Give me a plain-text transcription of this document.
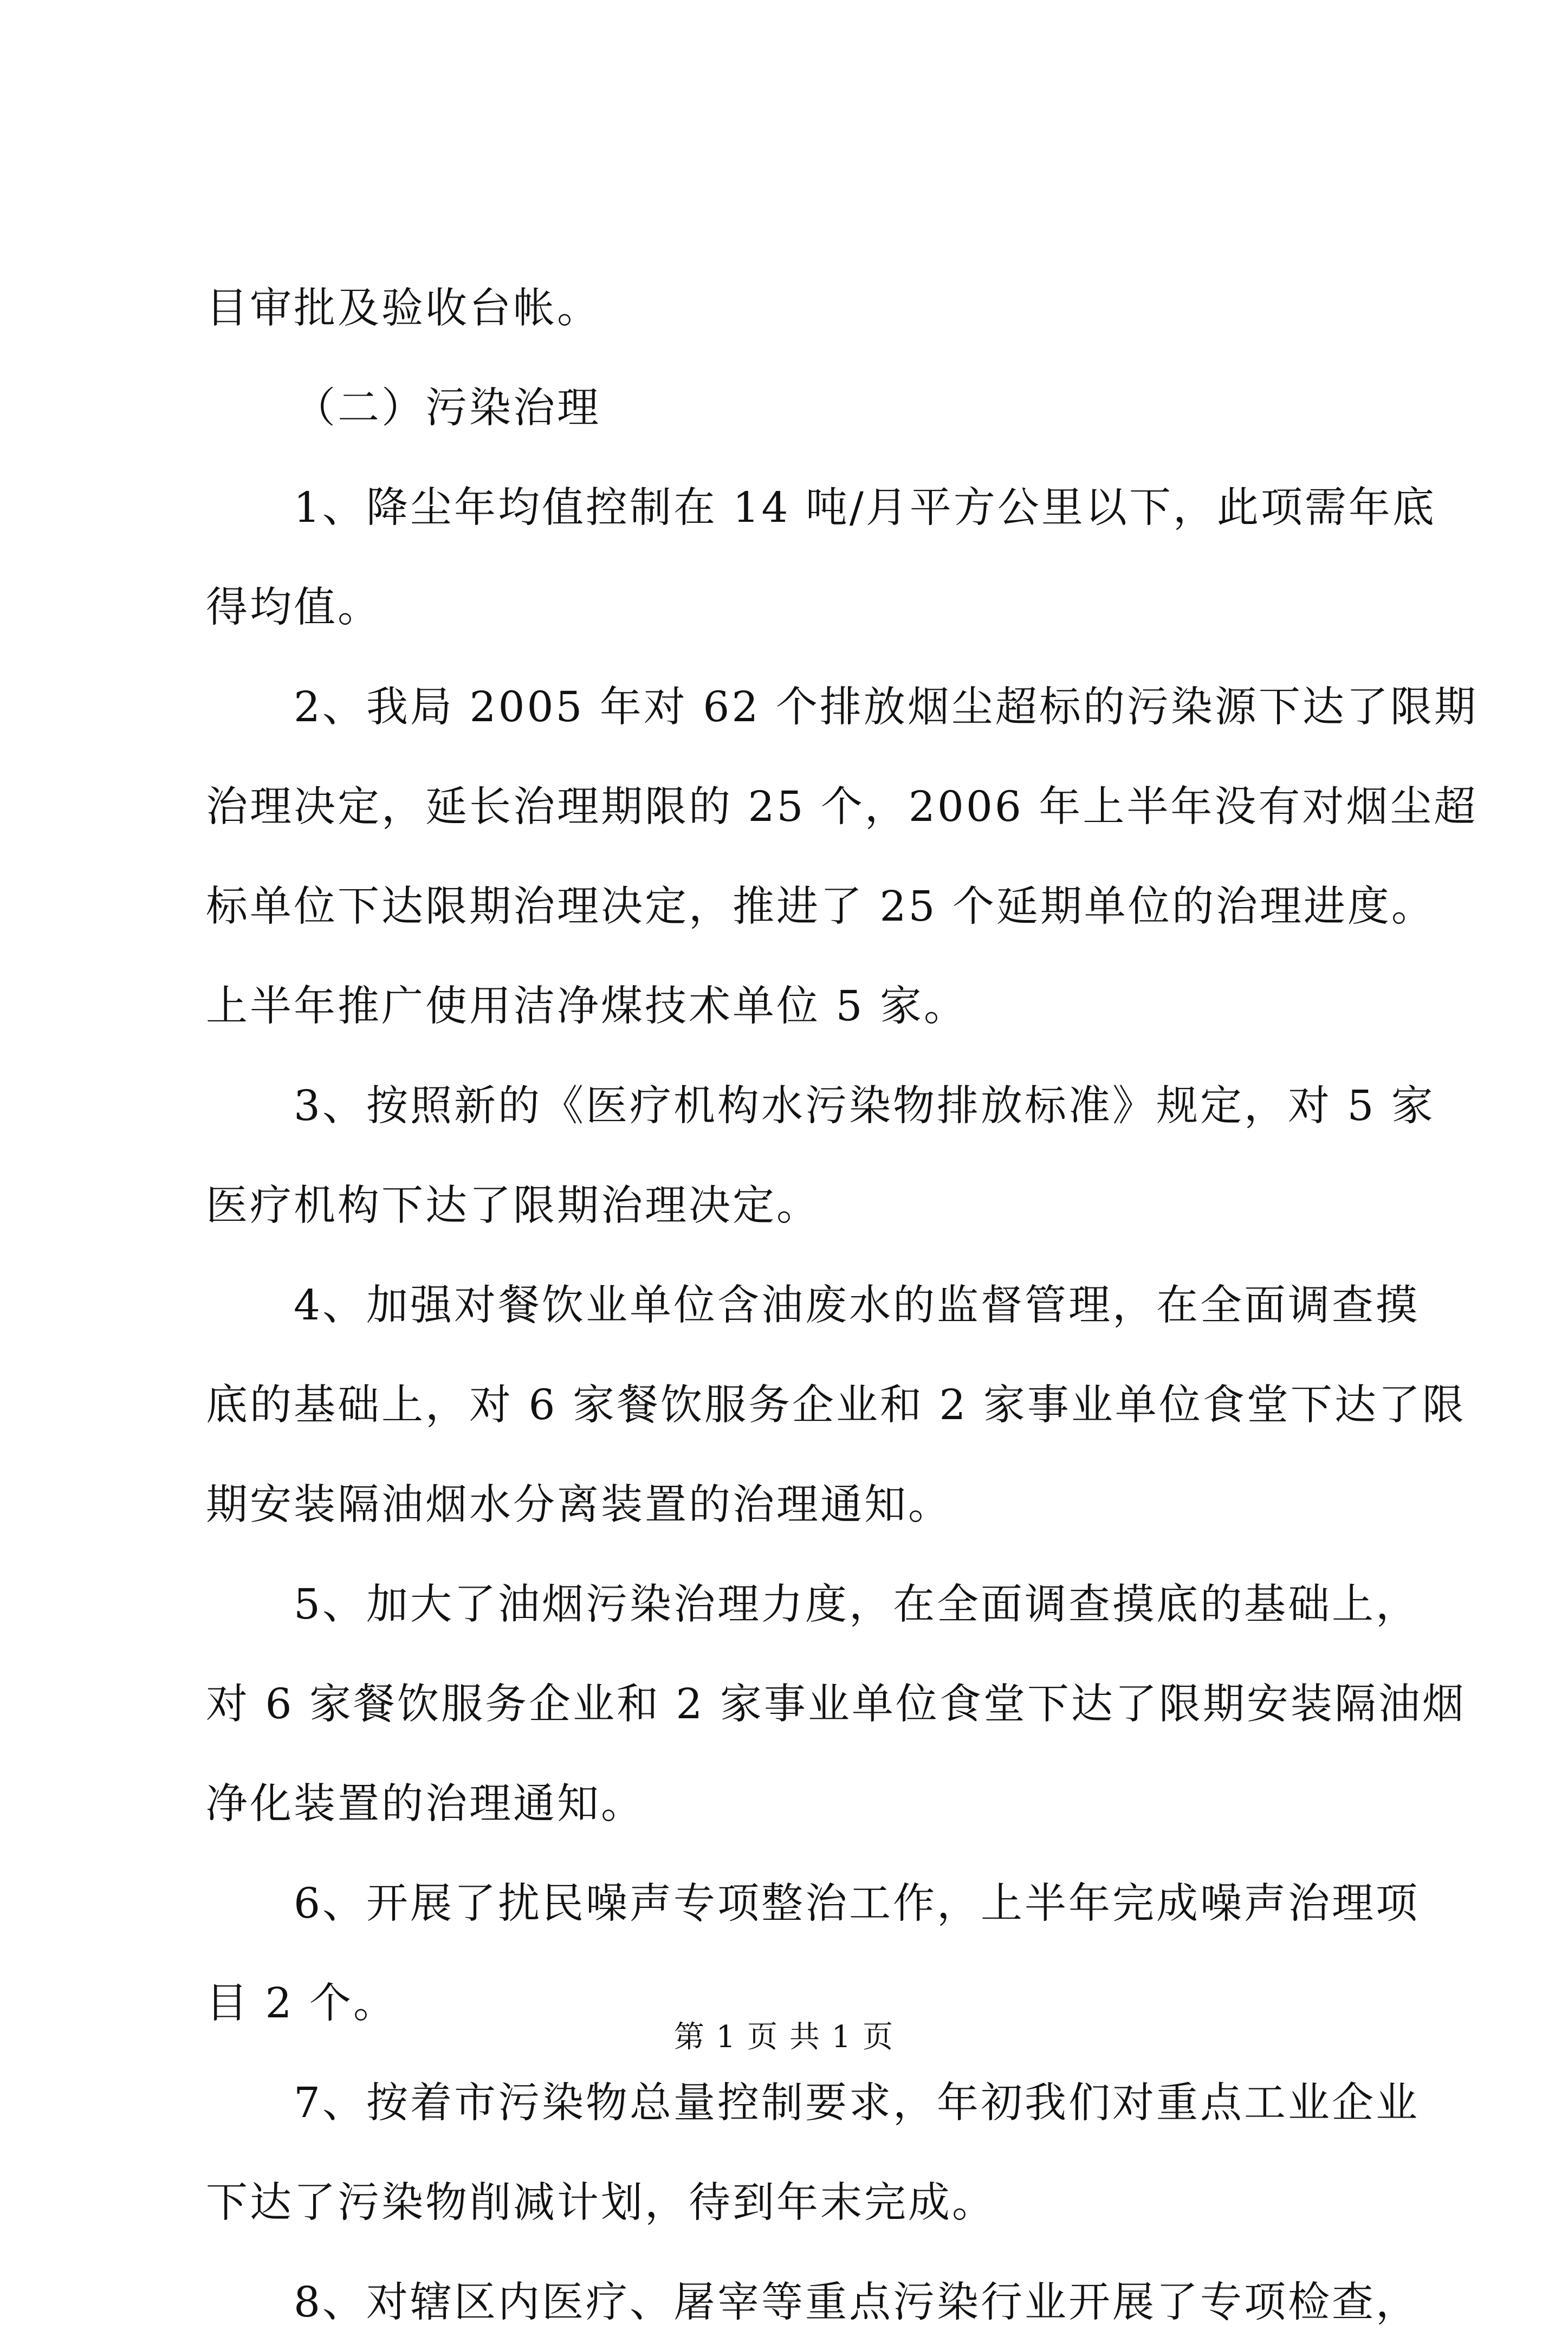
目审批及验收台帐。
（二）污染治理
1、降尘年均值控制在 14 吨/月平方公里以下，此项需年底
得均值。
2、我局 2005 年对 62 个排放烟尘超标的污染源下达了限期
治理决定，延长治理期限的 25 个，2006 年上半年没有对烟尘超
标单位下达限期治理决定，推进了 25 个延期单位的治理进度。
上半年推广使用洁净煤技术单位 5 家。
3、按照新的《医疗机构水污染物排放标准》规定，对 5 家
医疗机构下达了限期治理决定。
4、加强对餐饮业单位含油废水的监督管理，在全面调查摸
底的基础上，对 6 家餐饮服务企业和 2 家事业单位食堂下达了限
期安装隔油烟水分离装置的治理通知。
5、加大了油烟污染治理力度，在全面调查摸底的基础上，
对 6 家餐饮服务企业和 2 家事业单位食堂下达了限期安装隔油烟
净化装置的治理通知。
6、开展了扰民噪声专项整治工作，上半年完成噪声治理项
目 2 个。
7、按着市污染物总量控制要求，年初我们对重点工业企业
下达了污染物削减计划，待到年末完成。
8、对辖区内医疗、屠宰等重点污染行业开展了专项检查，
第 1 页 共 1 页
